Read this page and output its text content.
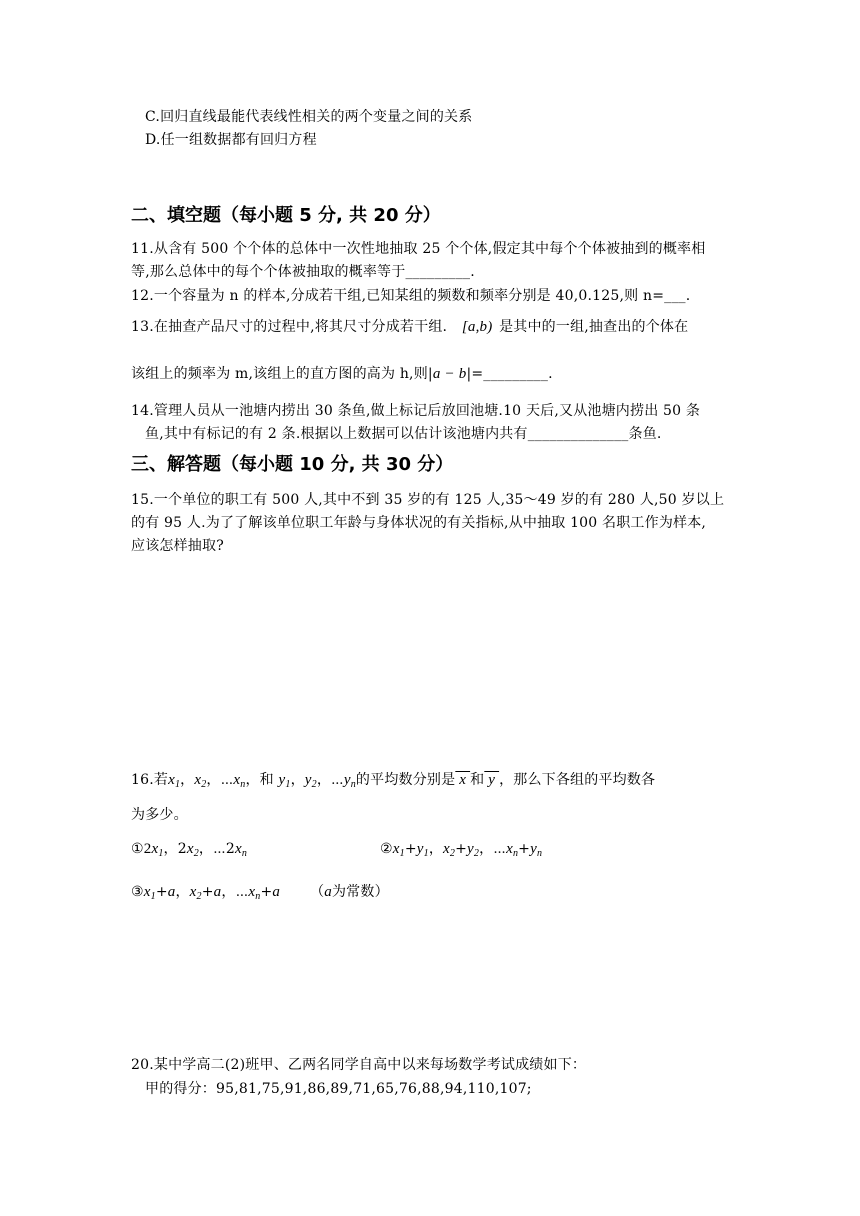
C.回归直线最能代表线性相关的两个变量之间的关系
D.任一组数据都有回归方程
二、填空题（每小题 5 分, 共 20 分）
11.从含有 500 个个体的总体中一次性地抽取 25 个个体,假定其中每个个体被抽到的概率相
等,那么总体中的每个个体被抽取的概率等于_________.
12.一个容量为 n 的样本,分成若干组,已知某组的频数和频率分别是 40,0.125,则 n=___.
13.在抽查产品尺寸的过程中,将其尺寸分成若干组. [a,b) 是其中的一组,抽查出的个体在
该组上的频率为 m,该组上的直方图的高为 h,则|a − b|=_________.
14.管理人员从一池塘内捞出 30 条鱼,做上标记后放回池塘.10 天后,又从池塘内捞出 50 条
鱼,其中有标记的有 2 条.根据以上数据可以估计该池塘内共有______________条鱼.
三、解答题（每小题 10 分, 共 30 分）
15.一个单位的职工有 500 人,其中不到 35 岁的有 125 人,35～49 岁的有 280 人,50 岁以上
的有 95 人.为了了解该单位职工年龄与身体状况的有关指标,从中抽取 100 名职工作为样本,
应该怎样抽取?
16.若$x_1$，$x_2$，$\cdots x_n$，和 $y_1$，$y_2$，$\cdots y_n$的平均数分别是 x 和 y ，那么下各组的平均数各
为多少。
$①2x_1$，$2x_2$，$\cdots 2x_n$	$②x_1+y_1$，$x_2+y_2$，$\cdots x_n+y_n$
$③x_1+a$，$x_2+a$，$\cdots x_n+a$ （a为常数）
20.某中学高二(2)班甲、乙两名同学自高中以来每场数学考试成绩如下：
甲的得分：95,81,75,91,86,89,71,65,76,88,94,110,107;
